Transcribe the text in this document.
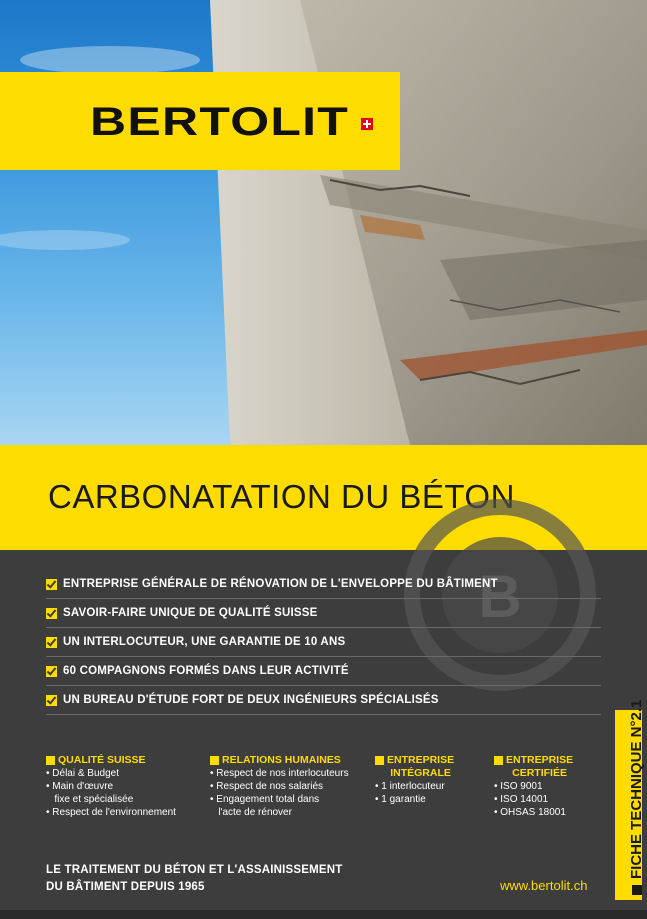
BERTOLIT
CARBONATATION DU BÉTON
B
ENTREPRISE GÉNÉRALE DE RÉNOVATION DE L'ENVELOPPE DU BÂTIMENT
SAVOIR-FAIRE UNIQUE DE QUALITÉ SUISSE
UN INTERLOCUTEUR, UNE GARANTIE DE 10 ANS
60 COMPAGNONS FORMÉS DANS LEUR ACTIVITÉ
UN BUREAU D'ÉTUDE FORT DE DEUX INGÉNIEURS SPÉCIALISÉS
QUALITÉ SUISSE
• Délai & Budget
• Main d'œuvre
fixe et spécialisée
• Respect de l'environnement
RELATIONS HUMAINES
• Respect de nos interlocuteurs
• Respect de nos salariés
• Engagement total dans
l'acte de rénover
ENTREPRISE
INTÉGRALE
• 1 interlocuteur
• 1 garantie
ENTREPRISE
CERTIFIÉE
• ISO 9001
• ISO 14001
• OHSAS 18001
LE TRAITEMENT DU BÉTON ET L'ASSAINISSEMENT
DU BÂTIMENT DEPUIS 1965	www.bertolit.ch
FICHE TECHNIQUE N°2.1
